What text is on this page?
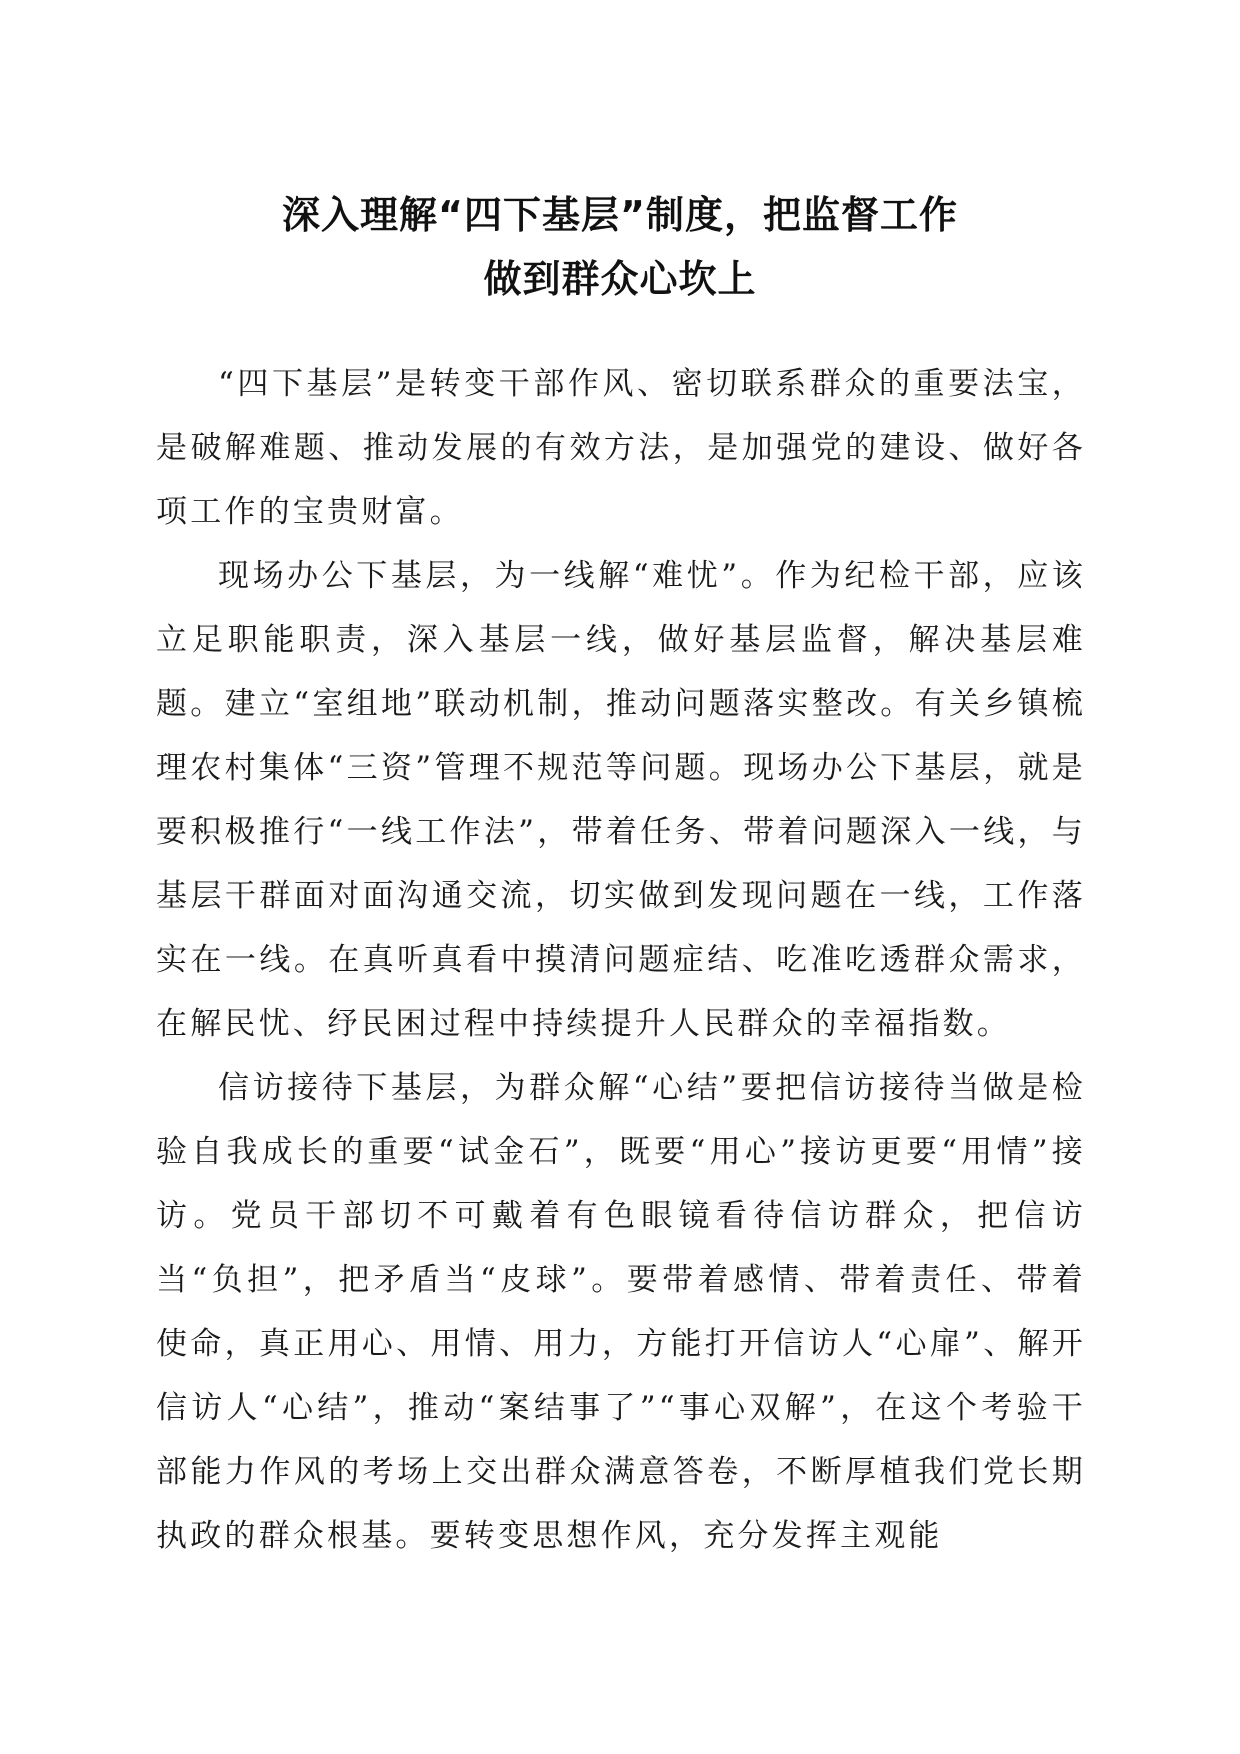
深入理解“四下基层”制度，把监督工作
做到群众心坎上

“四下基层”是转变干部作风、密切联系群众的重要法宝，是破解难题、推动发展的有效方法，是加强党的建设、做好各项工作的宝贵财富。

现场办公下基层，为一线解“难忧”。作为纪检干部，应该立足职能职责，深入基层一线，做好基层监督，解决基层难题。建立“室组地”联动机制，推动问题落实整改。有关乡镇梳理农村集体“三资”管理不规范等问题。现场办公下基层，就是要积极推行“一线工作法”，带着任务、带着问题深入一线，与基层干群面对面沟通交流，切实做到发现问题在一线，工作落实在一线。在真听真看中摸清问题症结、吃准吃透群众需求，在解民忧、纾民困过程中持续提升人民群众的幸福指数。

信访接待下基层，为群众解“心结”要把信访接待当做是检验自我成长的重要“试金石”，既要“用心”接访更要“用情”接访。党员干部切不可戴着有色眼镜看待信访群众，把信访当“负担”，把矛盾当“皮球”。要带着感情、带着责任、带着使命，真正用心、用情、用力，方能打开信访人“心扉”、解开信访人“心结”，推动“案结事了”“事心双解”，在这个考验干部能力作风的考场上交出群众满意答卷，不断厚植我们党长期执政的群众根基。要转变思想作风，充分发挥主观能
